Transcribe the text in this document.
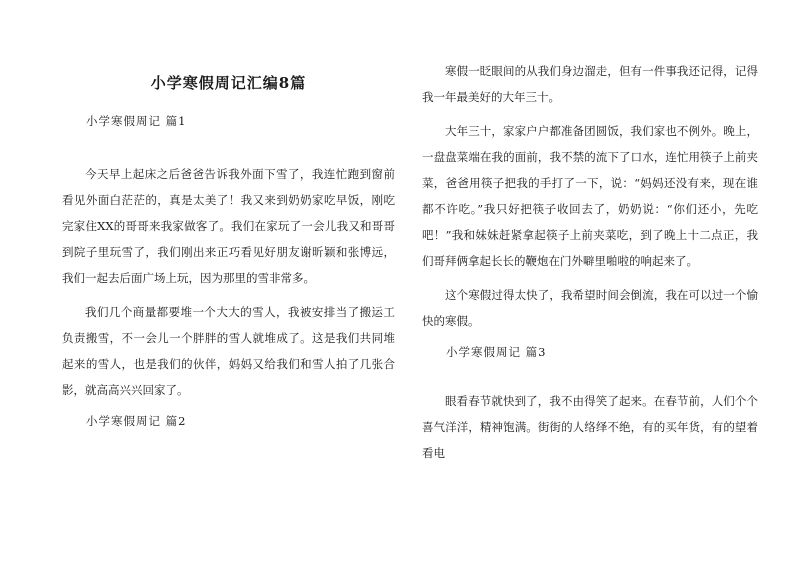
小学寒假周记汇编8篇
小学寒假周记 篇1

今天早上起床之后爸爸告诉我外面下雪了，我连忙跑到窗前看见外面白茫茫的，真是太美了！我又来到奶奶家吃早饭，刚吃完家住XX的哥哥来我家做客了。我们在家玩了一会儿我又和哥哥到院子里玩雪了，我们刚出来正巧看见好朋友谢昕颖和张博远，我们一起去后面广场上玩，因为那里的雪非常多。

我们几个商量都要堆一个大大的雪人，我被安排当了搬运工负责搬雪，不一会儿一个胖胖的雪人就堆成了。这是我们共同堆起来的雪人，也是我们的伙伴，妈妈又给我们和雪人拍了几张合影，就高高兴兴回家了。

小学寒假周记 篇2

寒假一眨眼间的从我们身边溜走，但有一件事我还记得，记得我一年最美好的大年三十。

大年三十，家家户户都准备团圆饭，我们家也不例外。晚上，一盘盘菜端在我的面前，我不禁的流下了口水，连忙用筷子上前夹菜，爸爸用筷子把我的手打了一下，说：“妈妈还没有来，现在谁都不许吃。”我只好把筷子收回去了，奶奶说：“你们还小，先吃吧！”我和妹妹赶紧拿起筷子上前夹菜吃，到了晚上十二点正，我们哥拜俩拿起长长的鞭炮在门外噼里啪啦的响起来了。

这个寒假过得太快了，我希望时间会倒流，我在可以过一个愉快的寒假。

小学寒假周记 篇3

眼看春节就快到了，我不由得笑了起来。在春节前，人们个个喜气洋洋，精神饱满。街街的人络绎不绝，有的买年货，有的望着看电
